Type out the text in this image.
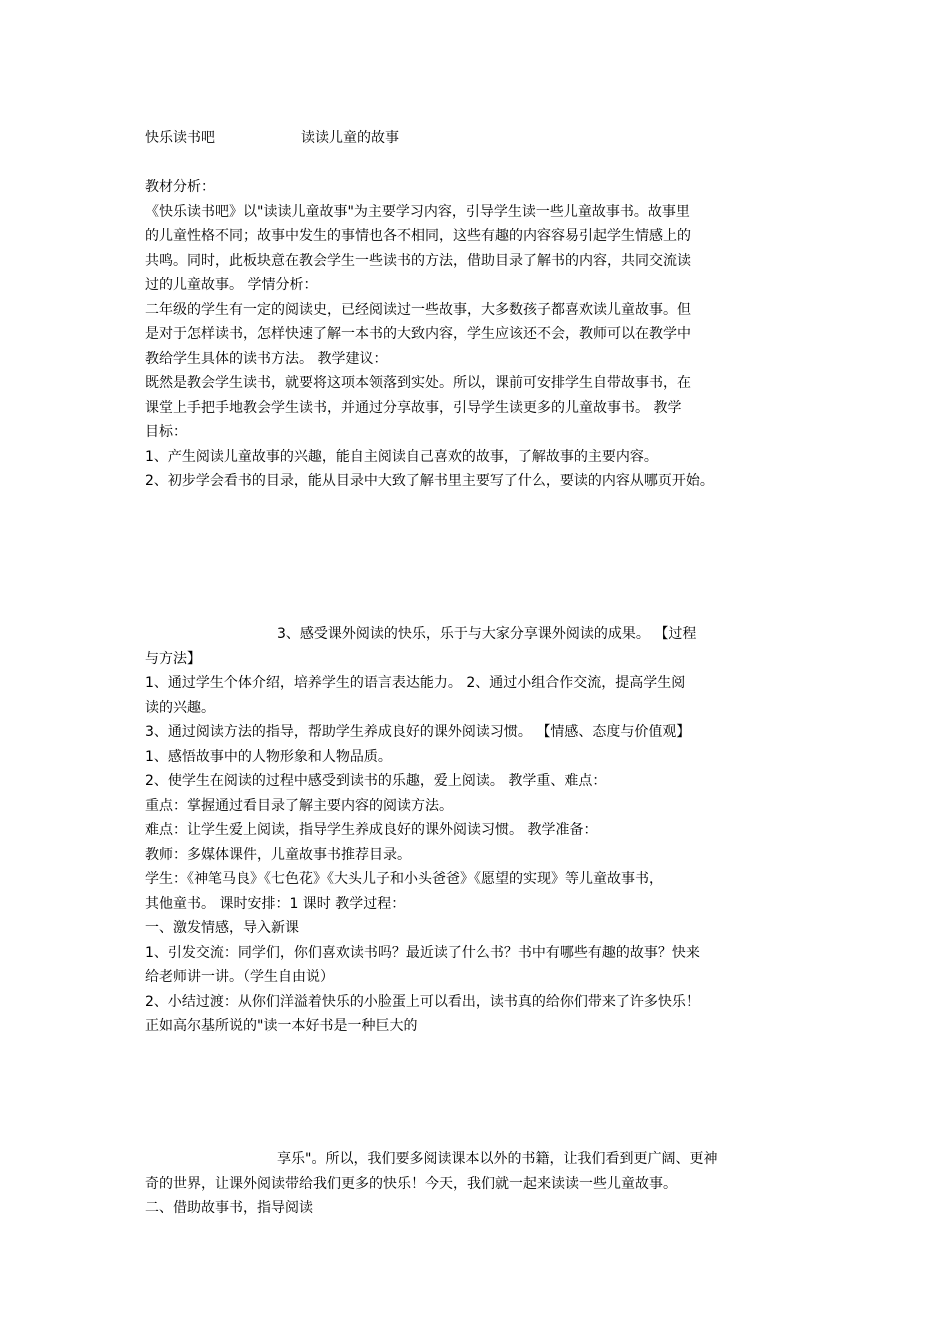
快乐读书吧	读读儿童的故事
教材分析：
《快乐读书吧》以"读读儿童故事"为主要学习内容，引导学生读一些儿童故事书。故事里
的儿童性格不同；故事中发生的事情也各不相同，这些有趣的内容容易引起学生情感上的
共鸣。同时，此板块意在教会学生一些读书的方法，借助目录了解书的内容，共同交流读
过的儿童故事。 学情分析：
二年级的学生有一定的阅读史，已经阅读过一些故事，大多数孩子都喜欢读儿童故事。但
是对于怎样读书，怎样快速了解一本书的大致内容，学生应该还不会，教师可以在教学中
教给学生具体的读书方法。 教学建议：
既然是教会学生读书，就要将这项本领落到实处。所以，课前可安排学生自带故事书，在
课堂上手把手地教会学生读书，并通过分享故事，引导学生读更多的儿童故事书。 教学
目标：
1、产生阅读儿童故事的兴趣，能自主阅读自己喜欢的故事，了解故事的主要内容。
2、初步学会看书的目录，能从目录中大致了解书里主要写了什么，要读的内容从哪页开始。
3、感受课外阅读的快乐，乐于与大家分享课外阅读的成果。 【过程
与方法】
1、通过学生个体介绍，培养学生的语言表达能力。 2、通过小组合作交流，提高学生阅
读的兴趣。
3、通过阅读方法的指导，帮助学生养成良好的课外阅读习惯。 【情感、态度与价值观】
1、感悟故事中的人物形象和人物品质。
2、使学生在阅读的过程中感受到读书的乐趣，爱上阅读。 教学重、难点：
重点：掌握通过看目录了解主要内容的阅读方法。
难点：让学生爱上阅读，指导学生养成良好的课外阅读习惯。 教学准备：
教师：多媒体课件，儿童故事书推荐目录。
学生：《神笔马良》《七色花》《大头儿子和小头爸爸》《愿望的实现》等儿童故事书，
其他童书。 课时安排：1 课时 教学过程：
一、激发情感，导入新课
1、引发交流：同学们，你们喜欢读书吗？最近读了什么书？书中有哪些有趣的故事？快来
给老师讲一讲。（学生自由说）
2、小结过渡：从你们洋溢着快乐的小脸蛋上可以看出，读书真的给你们带来了许多快乐！
正如高尔基所说的"读一本好书是一种巨大的
享乐"。所以，我们要多阅读课本以外的书籍，让我们看到更广阔、更神
奇的世界，让课外阅读带给我们更多的快乐！今天，我们就一起来读读一些儿童故事。
二、借助故事书，指导阅读
